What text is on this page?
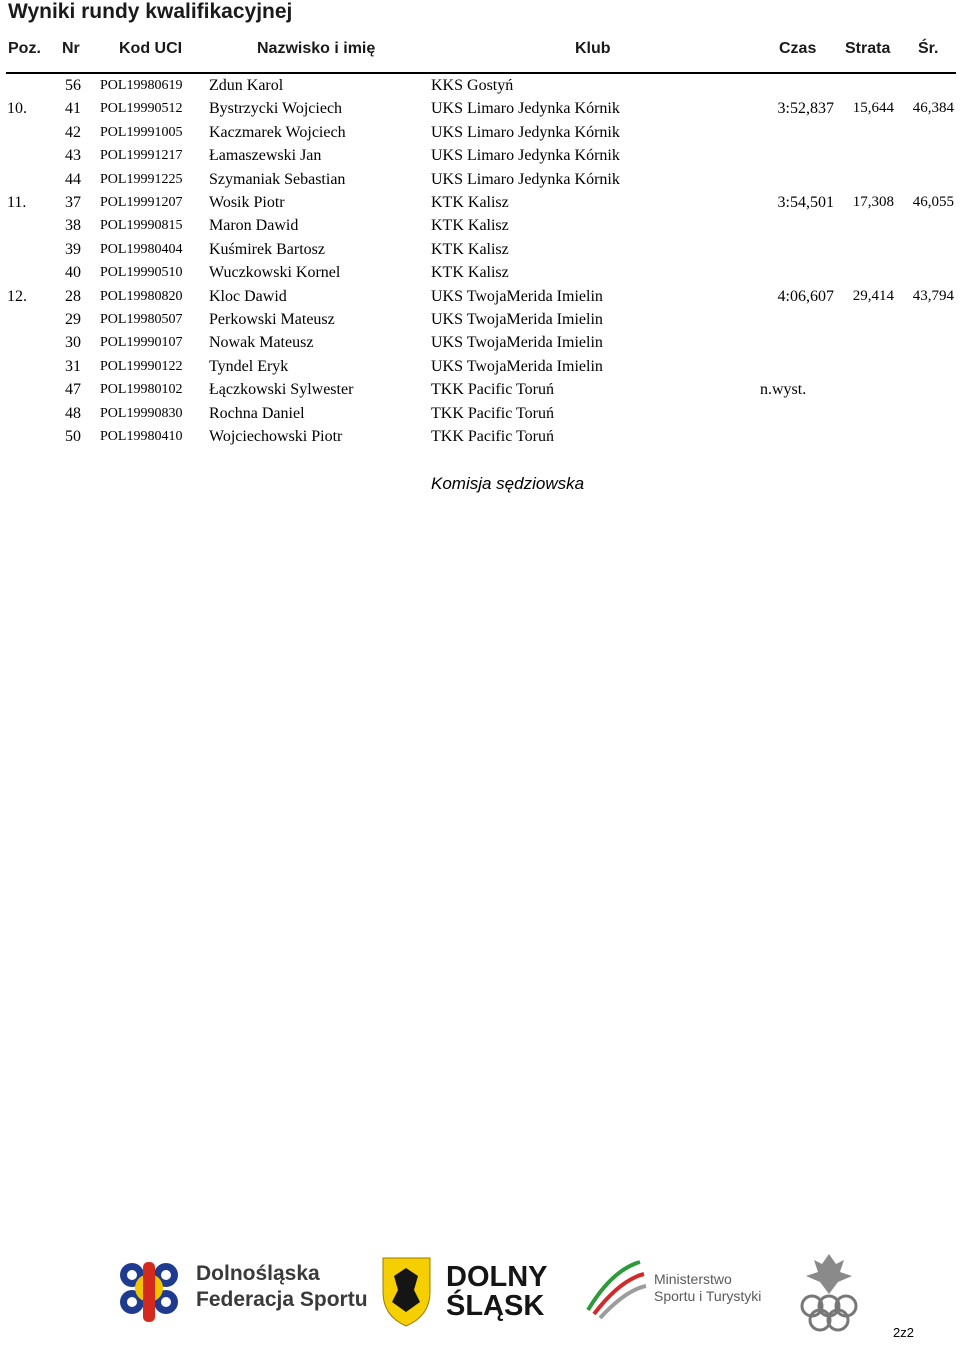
Wyniki rundy kwalifikacyjnej
Poz. Nr Kod UCI	Nazwisko i imię	Klub	Czas Strata Śr.
56 POL19980619 Zdun Karol	KKS Gostyń
10.	41 POL19990512 Bystrzycki Wojciech	UKS Limaro Jedynka Kórnik	3:52,837	15,644	46,384
42 POL19991005 Kaczmarek Wojciech	UKS Limaro Jedynka Kórnik
43 POL19991217 Łamaszewski Jan	UKS Limaro Jedynka Kórnik
44 POL19991225 Szymaniak Sebastian	UKS Limaro Jedynka Kórnik
11.	37 POL19991207 Wosik Piotr	KTK Kalisz	3:54,501	17,308	46,055
38 POL19990815 Maron Dawid	KTK Kalisz
39 POL19980404 Kuśmirek Bartosz	KTK Kalisz
40 POL19990510 Wuczkowski Kornel	KTK Kalisz
12.	28 POL19980820 Kloc Dawid	UKS TwojaMerida Imielin	4:06,607	29,414	43,794
29 POL19980507 Perkowski Mateusz	UKS TwojaMerida Imielin
30 POL19990107 Nowak Mateusz	UKS TwojaMerida Imielin
31 POL19990122 Tyndel Eryk	UKS TwojaMerida Imielin
47 POL19980102 Łączkowski Sylwester	TKK Pacific Toruń	n.wyst.
48 POL19990830 Rochna Daniel	TKK Pacific Toruń
50 POL19980410 Wojciechowski Piotr	TKK Pacific Toruń
Komisja sędziowska
Dolnośląska
Federacja Sportu
DOLNY
ŚLĄSK
Ministerstwo
Sportu i Turystyki
2z2
